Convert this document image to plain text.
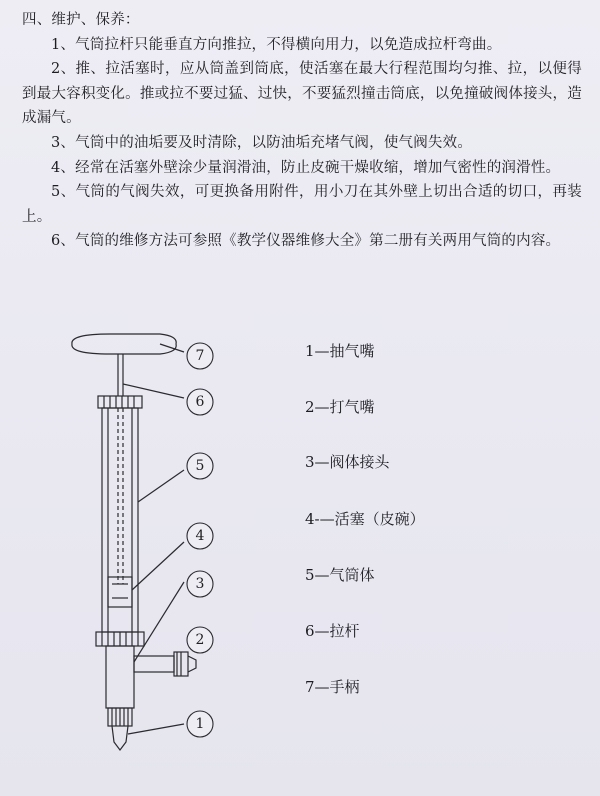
四、维护、保养：

1、气筒拉杆只能垂直方向推拉，不得横向用力，以免造成拉杆弯曲。

2、推、拉活塞时，应从筒盖到筒底，使活塞在最大行程范围均匀推、拉，以便得到最大容积变化。推或拉不要过猛、过快，不要猛烈撞击筒底，以免撞破阀体接头，造成漏气。

3、气筒中的油垢要及时清除，以防油垢充堵气阀，使气阀失效。

4、经常在活塞外壁涂少量润滑油，防止皮碗干燥收缩，增加气密性的润滑性。

5、气筒的气阀失效，可更换备用附件，用小刀在其外壁上切出合适的切口，再装上。

6、气筒的维修方法可参照《教学仪器维修大全》第二册有关两用气筒的内容。

7
6
5
4
3
2
1
1—抽气嘴
2—打气嘴
3—阀体接头
4-—活塞（皮碗）
5—气筒体
6—拉杆
7—手柄
